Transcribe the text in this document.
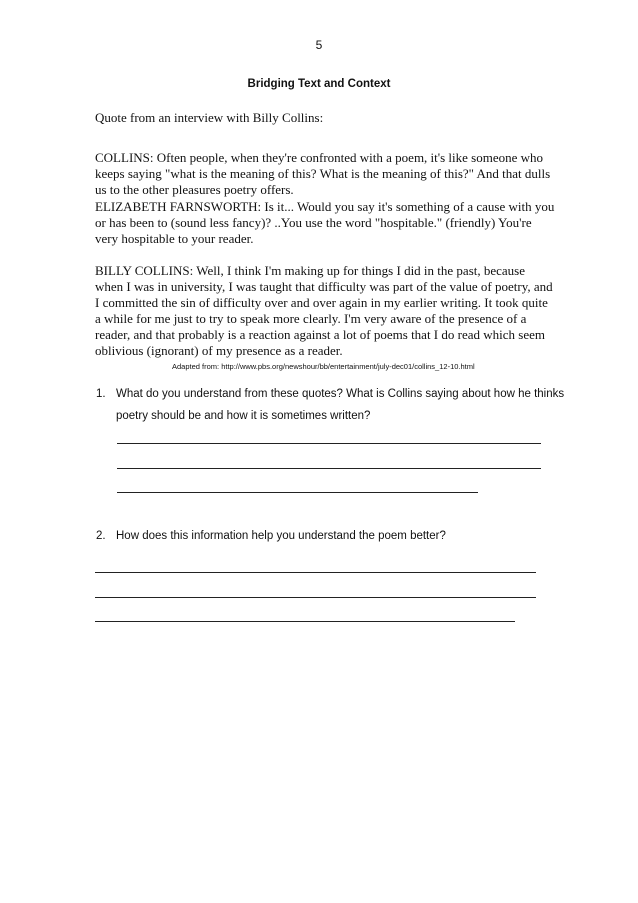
5
Bridging Text and Context
Quote from an interview with Billy Collins:
COLLINS: Often people, when they're confronted with a poem, it's like someone who keeps saying "what is the meaning of this? What is the meaning of this?" And that dulls us to the other pleasures poetry offers.
ELIZABETH FARNSWORTH: Is it... Would you say it's something of a cause with you or has been to (sound less fancy)? ..You use the word "hospitable." (friendly) You're very hospitable to your reader.
BILLY COLLINS: Well, I think I'm making up for things I did in the past, because when I was in university, I was taught that difficulty was part of the value of poetry, and I committed the sin of difficulty over and over again in my earlier writing. It took quite a while for me just to try to speak more clearly. I'm very aware of the presence of a reader, and that probably is a reaction against a lot of poems that I do read which seem oblivious (ignorant) of my presence as a reader.
Adapted from: http://www.pbs.org/newshour/bb/entertainment/july-dec01/collins_12-10.html
1. What do you understand from these quotes? What is Collins saying about how he thinks
poetry should be and how it is sometimes written?
2. How does this information help you understand the poem better?
